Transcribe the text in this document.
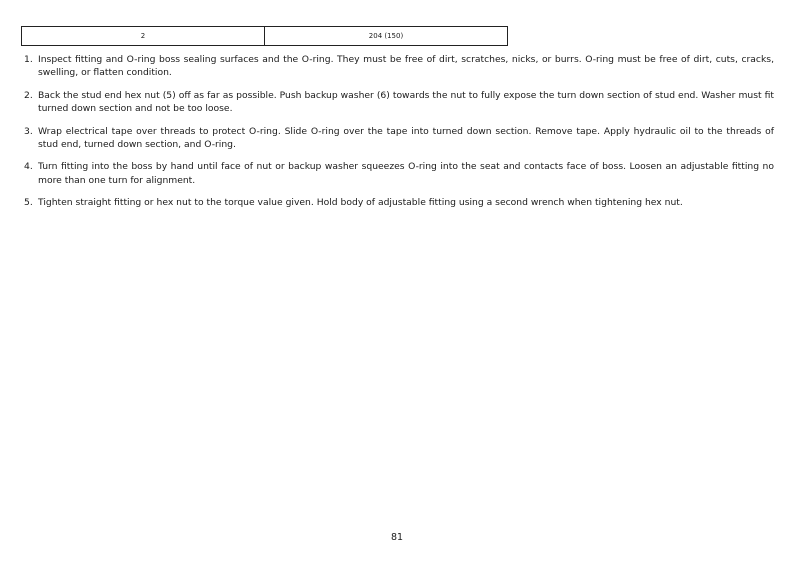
2	204 (150)
1. Inspect fitting and O-ring boss sealing surfaces and the O-ring. They must be free of dirt, scratches, nicks, or burrs. O-ring must be free of dirt, cuts, cracks, swelling, or flatten condition.
2. Back the stud end hex nut (5) off as far as possible. Push backup washer (6) towards the nut to fully expose the turn down section of stud end. Washer must fit turned down section and not be too loose.
3. Wrap electrical tape over threads to protect O-ring. Slide O-ring over the tape into turned down section. Remove tape. Apply hydraulic oil to the threads of stud end, turned down section, and O-ring.
4. Turn fitting into the boss by hand until face of nut or backup washer squeezes O-ring into the seat and contacts face of boss. Loosen an adjustable fitting no more than one turn for alignment.
5. Tighten straight fitting or hex nut to the torque value given. Hold body of adjustable fitting using a second wrench when tightening hex nut.
81
